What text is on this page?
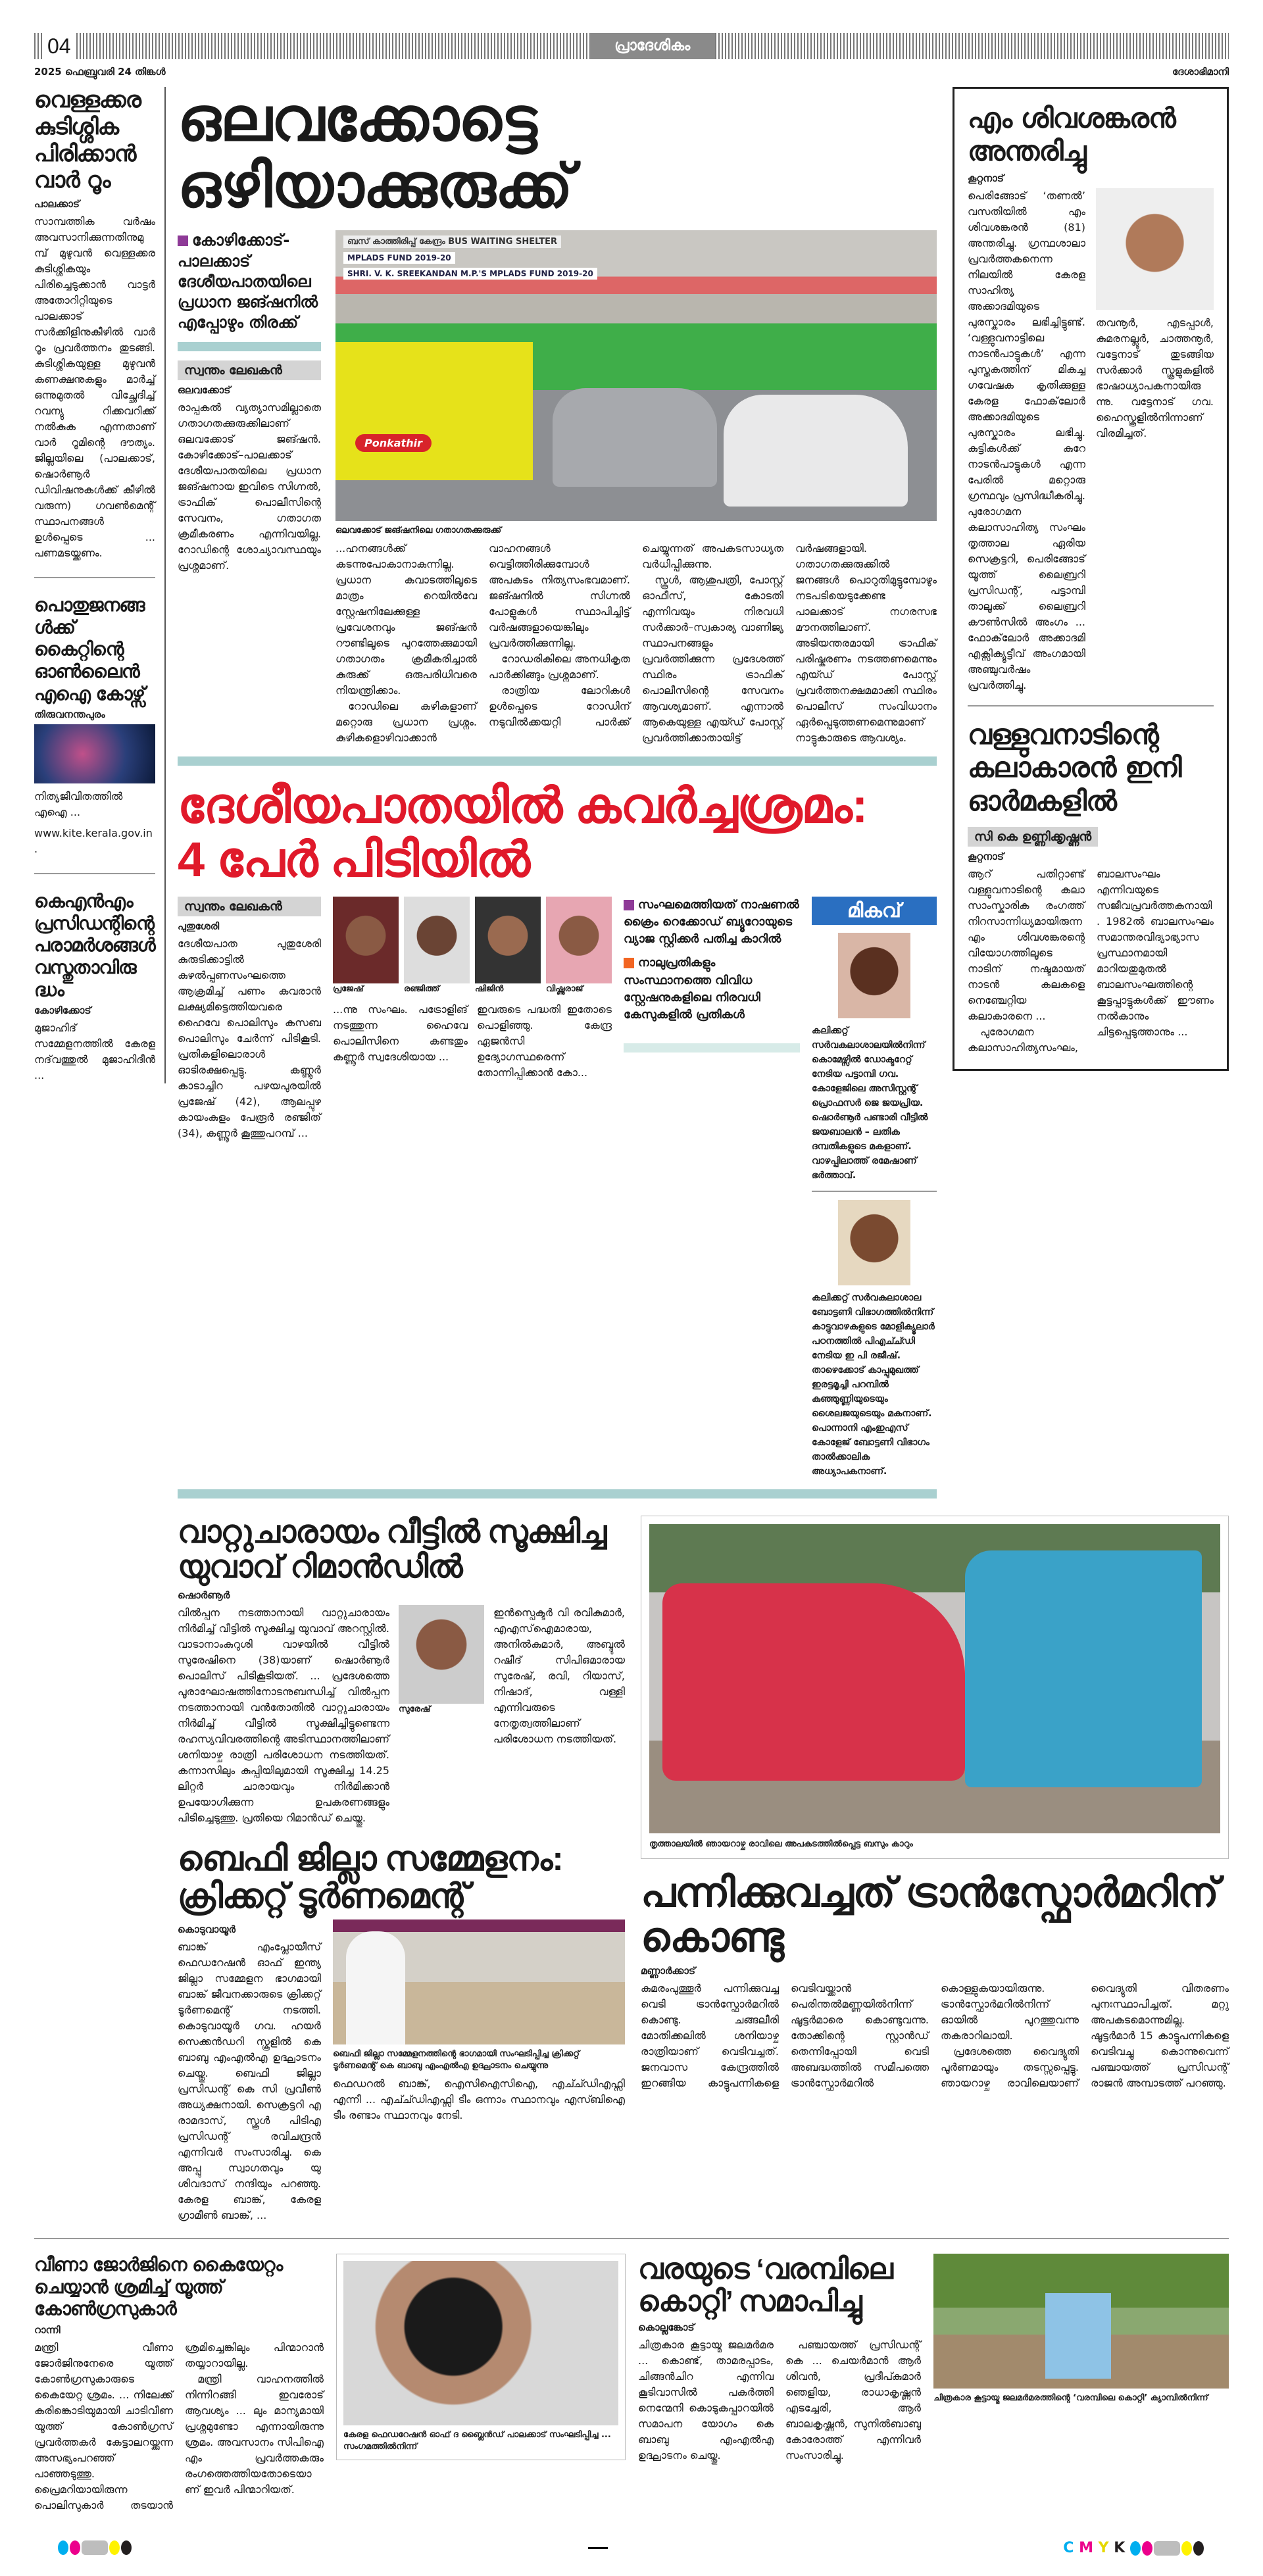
04	പ്രാദേശികം
2025 ഫെബ്രുവരി 24 തിങ്കൾ	ദേശാഭിമാനി
വെള്ളക്കര കുടിശ്ശിക പിരിക്കാൻ വാർ റൂം
പാലക്കാട്
സാമ്പത്തിക വർഷം അവസാനിക്കുന്നതിനുമുമ്പ് മുഴുവൻ വെള്ളക്കര കുടിശ്ശികയും പിരിച്ചെടുക്കാൻ വാട്ടർ അതോറിറ്റിയുടെ പാലക്കാട് സർക്കിളിനുകീഴിൽ വാർ റൂം പ്രവർത്തനം തുടങ്ങി. കുടിശ്ശികയുള്ള മുഴുവൻ കണക്ഷനുകളും മാർച്ച് ഒന്നുമുതൽ വിച്ഛേദിച്ച് റവന്യു റിക്കവറിക്ക് നൽകുക എന്നതാണ് വാർ റൂമിന്റെ ദൗത്യം. ജില്ലയിലെ (പാലക്കാട്, ഷൊർണൂർ ഡിവിഷനുകൾക്ക് കീഴിൽ വരുന്ന) ഗവൺമെന്റ് സ്ഥാപനങ്ങൾ ഉൾപ്പെടെ ... പണമടയ്ക്കണം.
പൊതുജനങ്ങൾക്ക് കൈറ്റിന്റെ ഓൺലൈൻ എഐ കോഴ്സ്
തിരുവനന്തപുരം
നിത്യജീവിതത്തിൽ എഐ ...
www.kite.kerala.gov.in.
കെഎൻഎം പ്രസിഡന്റിന്റെ പരാമർശങ്ങൾ വസ്തുതാവിരുദ്ധം
കോഴിക്കോട്
മുജാഹിദ് സമ്മേളനത്തിൽ കേരള നദ്‌വത്തുൽ മുജാഹിദീൻ ...
ഒലവക്കോട്ടെ ഒഴിയാക്കുരുക്ക്
കോഴിക്കോട്-പാലക്കാട് ദേശീയപാതയിലെ പ്രധാന ജങ്ഷനിൽ എപ്പോഴും തിരക്ക്
സ്വന്തം ലേഖകൻ
ഒലവക്കോട്
രാപ്പകൽ വ്യത്യാസമില്ലാതെ ഗതാഗതക്കുരുക്കിലാണ് ഒലവക്കോട് ജങ്ഷൻ. കോഴിക്കോട്–പാലക്കാട് ദേശീയപാതയിലെ പ്രധാന ജങ്ഷനായ ഇവിടെ സിഗ്നൽ, ട്രാഫിക് പൊലീസിന്റെ സേവനം, ഗതാഗത ക്രമീകരണം എന്നിവയില്ല. റോഡിന്റെ ശോച്യാവസ്ഥയും പ്രശ്നമാണ്.
ബസ് കാത്തിരിപ്പ് കേന്ദ്രം BUS WAITING SHELTER
MPLADS FUND 2019-20
SHRI. V. K. SREEKANDAN M.P.'S MPLADS FUND 2019-20
Ponkathir
ഒലവക്കോട് ജങ്ഷനിലെ ഗതാഗതക്കുരുക്ക്

...ഹനങ്ങൾക്ക് കടന്നുപോകാനാകുന്നില്ല. പ്രധാന കവാടത്തിലൂടെ മാത്രം റെയിൽവേ സ്റ്റേഷനിലേക്കുള്ള പ്രവേശനവും ജങ്ഷൻ റൗണ്ടിലൂടെ പുറത്തേക്കുമായി ഗതാഗതം ക്രമീകരിച്ചാൽ കുരുക്ക് ഒരുപരിധിവരെ നിയന്ത്രിക്കാം.

റോഡിലെ കുഴികളാണ് മറ്റൊരു പ്രധാന പ്രശ്നം. കുഴികളൊഴിവാക്കാൻ വാഹനങ്ങൾ വെട്ടിത്തിരിക്കുമ്പോൾ അപകടം നിത്യസംഭവമാണ്. ജങ്ഷനിൽ സിഗ്നൽ പോളുകൾ സ്ഥാപിച്ചിട്ട് വർഷങ്ങളായെങ്കിലും പ്രവർത്തിക്കുന്നില്ല.

റോഡരികിലെ അനധികൃത പാർക്കിങ്ങും പ്രശ്നമാണ്.

രാത്രിയ ലോറികൾ ഉൾപ്പെടെ റോഡിന് നടുവിൽക്കയറ്റി പാർക്ക് ചെയ്യുന്നത് അപകടസാധ്യത വർധിപ്പിക്കുന്നു.

സ്കൂൾ, ആശുപത്രി, പോസ്റ്റ് ഓഫീസ്, കോടതി എന്നിവയും നിരവധി സർക്കാർ–സ്വകാര്യ വാണിജ്യ സ്ഥാപനങ്ങളും പ്രവർത്തിക്കുന്ന പ്രദേശത്ത് സ്ഥിരം ട്രാഫിക് പൊലീസിന്റെ സേവനം ആവശ്യമാണ്. എന്നാൽ ആകെയുള്ള എയ്ഡ് പോസ്റ്റ് പ്രവർത്തിക്കാതായിട്ട് വർഷങ്ങളായി. ഗതാഗതക്കുരുക്കിൽ ജനങ്ങൾ പൊറുതിമുട്ടുമ്പോഴും നടപടിയെടുക്കേണ്ട പാലക്കാട് നഗരസഭ മൗനത്തിലാണ്. അടിയന്തരമായി ട്രാഫിക് പരിഷ്കരണം നടത്തണമെന്നും എയ്ഡ് പോസ്റ്റ് പ്രവർത്തനക്ഷമമാക്കി സ്ഥിരം പൊലീസ് സംവിധാനം ഏർപ്പെടുത്തണമെന്നുമാണ് നാട്ടുകാരുടെ ആവശ്യം.

ദേശീയപാതയിൽ കവർച്ചശ്രമം:
4 പേർ പിടിയിൽ
സ്വന്തം ലേഖകൻ
പുതുശേരി
ദേശീയപാത പുതുശേരി കുരുടിക്കാട്ടിൽ കുഴൽപ്പണസംഘത്തെ ആക്രമിച്ച് പണം കവരാൻ ലക്ഷ്യമിട്ടെത്തിയവരെ ഹൈവേ പൊലിസും കസബ പൊലിസും ചേർന്ന് പിടികൂടി. പ്രതികളിലൊരാൾ ഓടിരക്ഷപ്പെട്ടു. കണ്ണൂർ കാടാച്ചിറ പഴയപുരയിൽ പ്രജേഷ് (42), ആലപ്പുഴ കായംകുളം പേരൂർ രഞ്ജിത് (34), കണ്ണൂർ കൂത്തുപറമ്പ് ...
പ്രജേഷ്	രഞ്ജിത്ത്	ഷിജിൻ	വിഷ്ണുരാജ്
...ന്നു സംഘം. പട്രോളിങ് നടത്തുന്ന ഹൈവേ പൊലിസിനെ കണ്ടതും കണ്ണൂർ സ്വദേശിയായ ...
ഇവരുടെ പദ്ധതി ഇതോടെ പൊളിഞ്ഞു. കേന്ദ്ര ഏജൻസി ഉദ്യോഗസ്ഥരെന്ന് തോന്നിപ്പിക്കാൻ കോ...
സംഘമെത്തിയത് നാഷണൽ ക്രൈം റെക്കോഡ് ബ്യൂറോയുടെ വ്യാജ സ്റ്റിക്കർ പതിച്ച കാറിൽ
നാലുപ്രതികളും സംസ്ഥാനത്തെ വിവിധ സ്റ്റേഷനുകളിലെ നിരവധി കേസുകളിൽ പ്രതികൾ
മികവ്
കലിക്കറ്റ് സർവകലാശാലയിൽനിന്ന് കൊമേഴ്സിൽ ഡോക്ടറേറ്റ് നേടിയ പട്ടാമ്പി ഗവ. കോളേജിലെ അസിസ്റ്റന്റ് പ്രൊഫസർ ജെ ജയപ്രിയ. ഷൊർണൂർ പണ്ടാരി വീട്ടിൽ ജയബാലൻ – ലതിക ദമ്പതികളുടെ മകളാണ്. വാഴപ്പിലാത്ത് രമേഷാണ് ഭർത്താവ്.
കലിക്കറ്റ് സർവകലാശാല ബോട്ടണി വിഭാഗത്തിൽനിന്ന് കാട്ടുവാഴകളുടെ മോളിക്യൂലാർ പഠനത്തിൽ പിഎച്ച്ഡി നേടിയ ഇ പി രജീഷ്. താഴെക്കോട് കാപ്പുമുഖത്ത് ഇരട്ടമൂച്ചി പറമ്പിൽ കുഞ്ഞുണ്ണിയുടെയും ശൈലജയുടെയും മകനാണ്. പൊന്നാനി എംഇഎസ് കോളേജ് ബോട്ടണി വിഭാഗം താൽക്കാലിക അധ്യാപകനാണ്.
എം ശിവശങ്കരൻ അന്തരിച്ചു
കൂറ്റനാട്

പെരിങ്ങോട് ‘തണൽ’ വസതിയിൽ എം ശിവശങ്കരൻ (81) അന്തരിച്ചു. ഗ്രന്ഥശാലാ പ്രവർത്തകനെന്ന നിലയിൽ കേരള സാഹിത്യ അക്കാദമിയുടെ പുരസ്കാരം ലഭിച്ചിട്ടുണ്ട്. ‘വള്ളുവനാട്ടിലെ നാടൻപാട്ടുകൾ’ എന്ന പുസ്തകത്തിന് മികച്ച ഗവേഷക കൃതിക്കുള്ള കേരള ഫോക്‌ലോർ അക്കാദമിയുടെ പുരസ്കാരം ലഭിച്ചു. കുട്ടികൾക്ക് കുറേ നാടൻപാട്ടുകൾ എന്ന പേരിൽ മറ്റൊരു ഗ്രന്ഥവും പ്രസിദ്ധീകരിച്ചു. പുരോഗമന കലാസാഹിത്യ സംഘം തൃത്താല ഏരിയ സെക്രട്ടറി, പെരിങ്ങോട് യൂത്ത് ലൈബ്രറി പ്രസിഡന്റ്, പട്ടാമ്പി താലൂക്ക് ലൈബ്രറി കൗൺസിൽ അംഗം ... ഫോക്‌ലോർ അക്കാദമി എക്സിക്യൂട്ടീവ് അംഗമായി അഞ്ചുവർഷം പ്രവർത്തിച്ചു.

തവനൂർ, എടപ്പാൾ, കുമരനല്ലൂർ, ചാത്തനൂർ, വട്ടേനാട് തുടങ്ങിയ സർക്കാർ സ്കൂളുകളിൽ ഭാഷാധ്യാപകനായിരുന്നു. വട്ടേനാട് ഗവ. ഹൈസ്കൂളിൽനിന്നാണ് വിരമിച്ചത്.

വള്ളുവനാടിന്റെ കലാകാരൻ ഇനി ഓർമകളിൽ
സി കെ ഉണ്ണിക്കൃഷ്ണൻ
കൂറ്റനാട്

ആറ് പതിറ്റാണ്ട് വള്ളുവനാടിന്റെ കലാ സാംസ്കാരിക രംഗത്ത് നിറസാന്നിധ്യമായിരുന്ന എം ശിവശങ്കരന്റെ വിയോഗത്തിലൂടെ നാടിന് നഷ്ടമായത് നാടൻ കലകളെ നെഞ്ചേറ്റിയ കലാകാരനെ ...

പുരോഗമന കലാസാഹിത്യസംഘം, ബാലസംഘം എന്നിവയുടെ സജീവപ്രവർത്തകനായി. 1982ൽ ബാലസംഘം സമാന്തരവിദ്യാഭ്യാസ പ്രസ്ഥാനമായി മാറിയതുമുതൽ ബാലസംഘത്തിന്റെ കൂട്ടപ്പാട്ടുകൾക്ക് ഈണം നൽകാനും ചിട്ടപ്പെടുത്താനും ...

വാറ്റുചാരായം വീട്ടിൽ സൂക്ഷിച്ച യുവാവ് റിമാൻഡിൽ
ഷൊർണൂർ
വിൽപ്പന നടത്താനായി വാറ്റുചാരായം നിർമിച്ച് വീട്ടിൽ സൂക്ഷിച്ച യുവാവ് അറസ്റ്റിൽ. വാടാനാംകുറുശി വാഴയിൽ വീട്ടിൽ സുരേഷിനെ (38)യാണ് ഷൊർണൂർ പൊലിസ് പിടികൂടിയത്. ... പ്രദേശത്തെ പൂരാഘോഷത്തിനോടനുബന്ധിച്ച് വിൽപ്പന നടത്താനായി വൻതോതിൽ വാറ്റുചാരായം നിർമിച്ച് വീട്ടിൽ സൂക്ഷിച്ചിട്ടുണ്ടെന്ന രഹസ്യവിവരത്തിന്റെ അടിസ്ഥാനത്തിലാണ് ശനിയാഴ്ച രാത്രി പരിശോധന നടത്തിയത്. കന്നാസിലും കുപ്പിയിലുമായി സൂക്ഷിച്ച 14.25 ലിറ്റർ ചാരായവും നിർമിക്കാൻ ഉപയോഗിക്കുന്ന ഉപകരണങ്ങളും പിടിച്ചെടുത്തു. പ്രതിയെ റിമാൻഡ് ചെയ്തു.
സുരേഷ്
ഇൻസ്പെക്ടർ വി രവികുമാർ, എഎസ്ഐമാരായ, അനിൽകുമാർ, അബ്ദുൽ റഷീദ് സിപിഒമാരായ സുരേഷ്, രവി, റിയാസ്, നിഷാദ്, വള്ളി എന്നിവരുടെ നേതൃത്വത്തിലാണ് പരിശോധന നടത്തിയത്.
ബെഫി ജില്ലാ സമ്മേളനം:
ക്രിക്കറ്റ് ടൂർണമെന്റ്
കൊടുവായൂർ
ബാങ്ക് എംപ്ലോയീസ് ഫെഡറേഷൻ ഓഫ് ഇന്ത്യ ജില്ലാ സമ്മേളന ഭാഗമായി ബാങ്ക് ജീവനക്കാരുടെ ക്രിക്കറ്റ് ടൂർണമെന്റ് നടത്തി. കൊടുവായൂർ ഗവ. ഹയർ സെക്കൻഡറി സ്കൂളിൽ കെ ബാബു എംഎൽഎ ഉദ്ഘാടനം ചെയ്തു. ബെഫി ജില്ലാ പ്രസിഡന്റ് കെ സി പ്രവീൺ അധ്യക്ഷനായി. സെക്രട്ടറി എ രാമദാസ്, സ്കൂൾ പിടിഎ പ്രസിഡന്റ് രവിചന്ദ്രൻ എന്നിവർ സംസാരിച്ചു. കെ അപ്പു സ്വാഗതവും യു ശിവദാസ് നന്ദിയും പറഞ്ഞു. കേരള ബാങ്ക്, കേരള ഗ്രാമീൺ ബാങ്ക്, ...
ബെഫി ജില്ലാ സമ്മേളനത്തിന്റെ ഭാഗമായി സംഘടിപ്പിച്ച ക്രിക്കറ്റ് ടൂർണമെന്റ് കെ ബാബു എംഎൽഎ ഉദ്ഘാടനം ചെയ്യുന്നു
ഫെഡറൽ ബാങ്ക്, ഐസിഐസിഐ, എച്ച്ഡിഎഫ്സി എന്നീ ... എച്ച്ഡിഎഫ്സി ടീം ഒന്നാം സ്ഥാനവും എസ്ബിഐ ടീം രണ്ടാം സ്ഥാനവും നേടി.
തൃത്താലയിൽ ഞായറാഴ്ച രാവിലെ അപകടത്തിൽപ്പെട്ട ബസും കാറും
പന്നിക്കുവച്ചത് ട്രാൻസ്ഫോർമറിന് കൊണ്ടു
മണ്ണാർക്കാട്

കുമരംപുത്തൂർ പന്നിക്കുവച്ച വെടി ട്രാൻസ്ഫോർമറിൽ കൊണ്ടു. ചങ്ങലീരി മോതിക്കലിൽ ശനിയാഴ്ച രാത്രിയാണ് വെടിവച്ചത്. ജനവാസ കേന്ദ്രത്തിൽ ഇറങ്ങിയ കാട്ടുപന്നികളെ വെടിവയ്ക്കാൻ പെരിന്തൽമണ്ണയിൽനിന്ന് ഷൂട്ടർമാരെ കൊണ്ടുവന്നു. തോക്കിന്റെ സ്റ്റാൻഡ് തെന്നിപ്പോയി വെടി അബദ്ധത്തിൽ സമീപത്തെ ട്രാൻസ്ഫോർമറിൽ കൊള്ളുകയായിരുന്നു. ട്രാൻസ്ഫോർമറിൽനിന്ന് ഓയിൽ പുറത്തുവന്നു തകരാറിലായി.

പ്രദേശത്തെ വൈദ്യുതി പൂർണമായും തടസ്സപ്പെട്ടു. ഞായറാഴ്ച രാവിലെയാണ് വൈദ്യുതി വിതരണം പുനഃസ്ഥാപിച്ചത്. മറ്റു അപകടമൊന്നുമില്ല. ഷൂട്ടർമാർ 15 കാട്ടുപന്നികളെ വെടിവച്ചു കൊന്നുവെന്ന് പഞ്ചായത്ത് പ്രസിഡന്റ് രാജൻ അമ്പാടത്ത് പറഞ്ഞു.

വീണാ ജോർജിനെ കൈയേറ്റം ചെയ്യാൻ ശ്രമിച്ച് യൂത്ത് കോൺഗ്രസുകാർ
റാന്നി

മന്ത്രി വീണാ ജോർജിനുനേരെ യൂത്ത് കോൺഗ്രസുകാരുടെ കൈയേറ്റ ശ്രമം. ... നിലേക്ക് കരിങ്കൊടിയുമായി ചാടിവീണ യൂത്ത് കോൺഗ്രസ് പ്രവർത്തകർ കേട്ടാലറയ്ക്കുന്ന അസഭ്യംപറഞ്ഞ് പാഞ്ഞടുത്തു. പ്രൈമറിയായിരുന്ന പൊലിസുകാർ തടയാൻ ശ്രമിച്ചെങ്കിലും പിന്മാറാൻ തയ്യാറായില്ല.

മന്ത്രി വാഹനത്തിൽ നിന്നിറങ്ങി ഇവരോട് ആവശ്യം ... ലും മാന്യമായി പ്രശ്നമുണ്ടോ എന്നായിരുന്നു ശ്രമം. അവസാനം സിപിഐ എം പ്രവർത്തകരും രംഗത്തെത്തിയതോടെയാണ് ഇവർ പിന്മാറിയത്.

കേരള ഫെഡറേഷൻ ഓഫ് ദ ബ്ലൈൻഡ് പാലക്കാട് സംഘടിപ്പിച്ച ... സംഗമത്തിൽനിന്ന്
വരയുടെ ‘വരമ്പിലെ കൊറ്റി’ സമാപിച്ചു
കൊല്ലങ്കോട്

ചിത്രകാര കൂട്ടായ്മ ജലമർമര ... കൊണ്ട്, താമരപ്പാടം, ചിങ്ങൻചിറ എന്നിവ കൂടിവാസിൽ പകർത്തി നെന്മേനി കൊടുകപ്പാറയിൽ സമാപന യോഗം കെ ബാബു എംഎൽഎ ഉദ്ഘാടനം ചെയ്തു.

പഞ്ചായത്ത് പ്രസിഡന്റ് കെ ... ചെയർമാൻ ആർ ശിവൻ, പ്രദീപ്കുമാർ ഞെളിയ, രാധാകൃഷ്ണൻ എടച്ചേരി, ആർ ബാലകൃഷ്ണൻ, സുനിൽബാബു കോരോത്ത് എന്നിവർ സംസാരിച്ചു.

ചിത്രകാര കൂട്ടായ്മ ജലമർമരത്തിന്റെ ‘വരമ്പിലെ കൊറ്റി’ ക്യാമ്പിൽനിന്ന്
C M Y K
